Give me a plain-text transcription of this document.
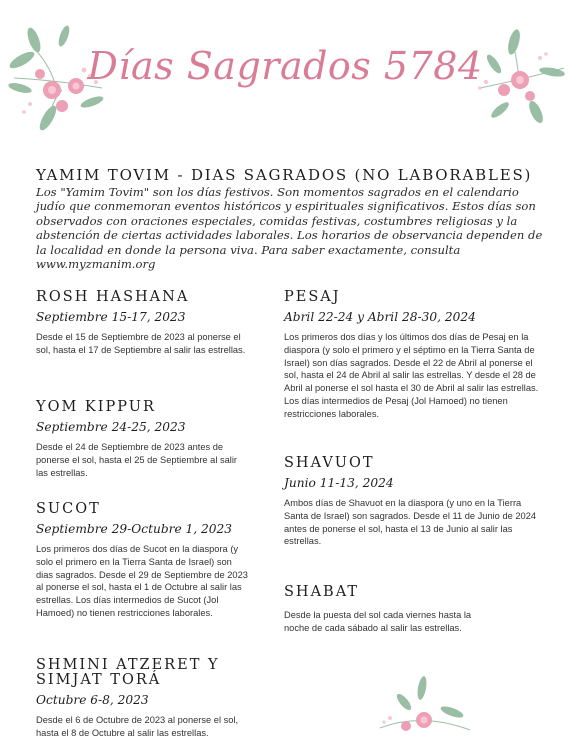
Días Sagrados 5784
YAMIM TOVIM - DIAS SAGRADOS (NO LABORABLES)
Los "Yamim Tovim" son los días festivos. Son momentos sagrados en el calendario judío que conmemoran eventos históricos y espirituales significativos. Estos días son observados con oraciones especiales, comidas festivas, costumbres religiosas y la abstención de ciertas actividades laborales. Los horarios de observancia dependen de la localidad en donde la persona viva. Para saber exactamente, consulta www.myzmanim.org
ROSH HASHANA
Septiembre 15-17, 2023
Desde el 15 de Septiembre de 2023 al ponerse el sol, hasta el 17 de Septiembre al salir las estrellas.
YOM KIPPUR
Septiembre 24-25, 2023
Desde el 24 de Septiembre de 2023 antes de ponerse el sol, hasta el 25 de Septiembre al salir las estrellas.
SUCOT
Septiembre 29-Octubre 1, 2023
Los primeros dos días de Sucot en la diaspora (y solo el primero en la Tierra Santa de Israel) son dias sagrados. Desde el 29 de Septiembre de 2023 al ponerse el sol, hasta el 1 de Octubre al salir las estrellas. Los días intermedios de Sucot (Jol Hamoed) no tienen restricciones laborales.
SHMINI ATZERET Y SIMJAT TORÁ
Octubre 6-8, 2023
Desde el 6 de Octubre de 2023 al ponerse el sol, hasta el 8 de Octubre al salir las estrellas.
PESAJ
Abril 22-24 y Abril 28-30, 2024
Los primeros dos días y los últimos dos días de Pesaj en la diaspora (y solo el primero y el séptimo en la Tierra Santa de Israel) son días sagrados. Desde el 22 de Abril al ponerse el sol, hasta el 24 de Abril al salir las estrellas. Y desde el 28 de Abril al ponerse el sol hasta el 30 de Abril al salir las estrellas. Los días intermedios de Pesaj (Jol Hamoed) no tienen restricciones laborales.
SHAVUOT
Junio 11-13, 2024
Ambos días de Shavuot en la diaspora (y uno en la Tierra Santa de Israel) son sagrados. Desde el 11 de Junio de 2024 antes de ponerse el sol, hasta el 13 de Junio al salir las estrellas.
SHABAT
Desde la puesta del sol cada viernes hasta la noche de cada sábado al salir las estrellas.
